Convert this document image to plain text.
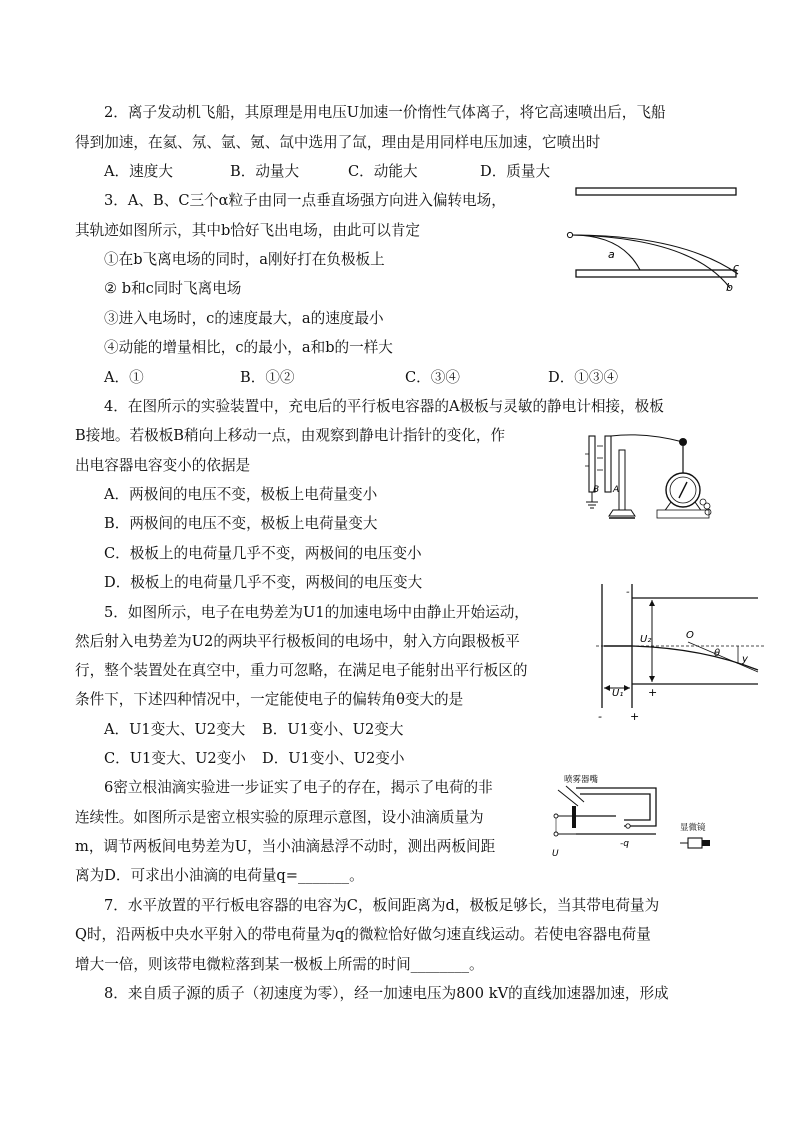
2．离子发动机飞船，其原理是用电压U加速一价惰性气体离子，将它高速喷出后，飞船
得到加速，在氦、氖、氩、氪、氙中选用了氙，理由是用同样电压加速，它喷出时
A．速度大	B．动量大	C．动能大	D．质量大
3．A、B、C三个α粒子由同一点垂直场强方向进入偏转电场，
其轨迹如图所示，其中b恰好飞出电场，由此可以肯定
①在b飞离电场的同时，a刚好打在负极板上
② b和c同时飞离电场
③进入电场时，c的速度最大，a的速度最小
④动能的增量相比，c的最小，a和b的一样大
A．①	B．①②	C．③④	D．①③④
a
c
b
4．在图所示的实验装置中，充电后的平行板电容器的A极板与灵敏的静电计相接，极板
B接地。若极板B稍向上移动一点，由观察到静电计指针的变化，作
出电容器电容变小的依据是
A．两极间的电压不变，极板上电荷量变小
B．两极间的电压不变，极板上电荷量变大
C．极板上的电荷量几乎不变，两极间的电压变小
D．极板上的电荷量几乎不变，两极间的电压变大
B A
5．如图所示，电子在电势差为U1的加速电场中由静止开始运动，
然后射入电势差为U2的两块平行极板间的电场中，射入方向跟极板平
行，整个装置处在真空中，重力可忽略，在满足电子能射出平行板区的
条件下，下述四种情况中，一定能使电子的偏转角θ变大的是
A．U1变大、U2变大 B．U1变小、U2变大
C．U1变大、U2变小 D．U1变小、U2变小
-
+
-	+
U₂
U₁
O
θ
y
6密立根油滴实验进一步证实了电子的存在，揭示了电荷的非
连续性。如图所示是密立根实验的原理示意图，设小油滴质量为
m，调节两板间电势差为U，当小油滴悬浮不动时，测出两板间距
离为D．可求出小油滴的电荷量q=_______。
喷雾器嘴
U
-q
显微镜
7．水平放置的平行板电容器的电容为C，板间距离为d，极板足够长，当其带电荷量为
Q时，沿两板中央水平射入的带电荷量为q的微粒恰好做匀速直线运动。若使电容器电荷量
增大一倍，则该带电微粒落到某一极板上所需的时间________。
8．来自质子源的质子（初速度为零），经一加速电压为800 kV的直线加速器加速，形成
